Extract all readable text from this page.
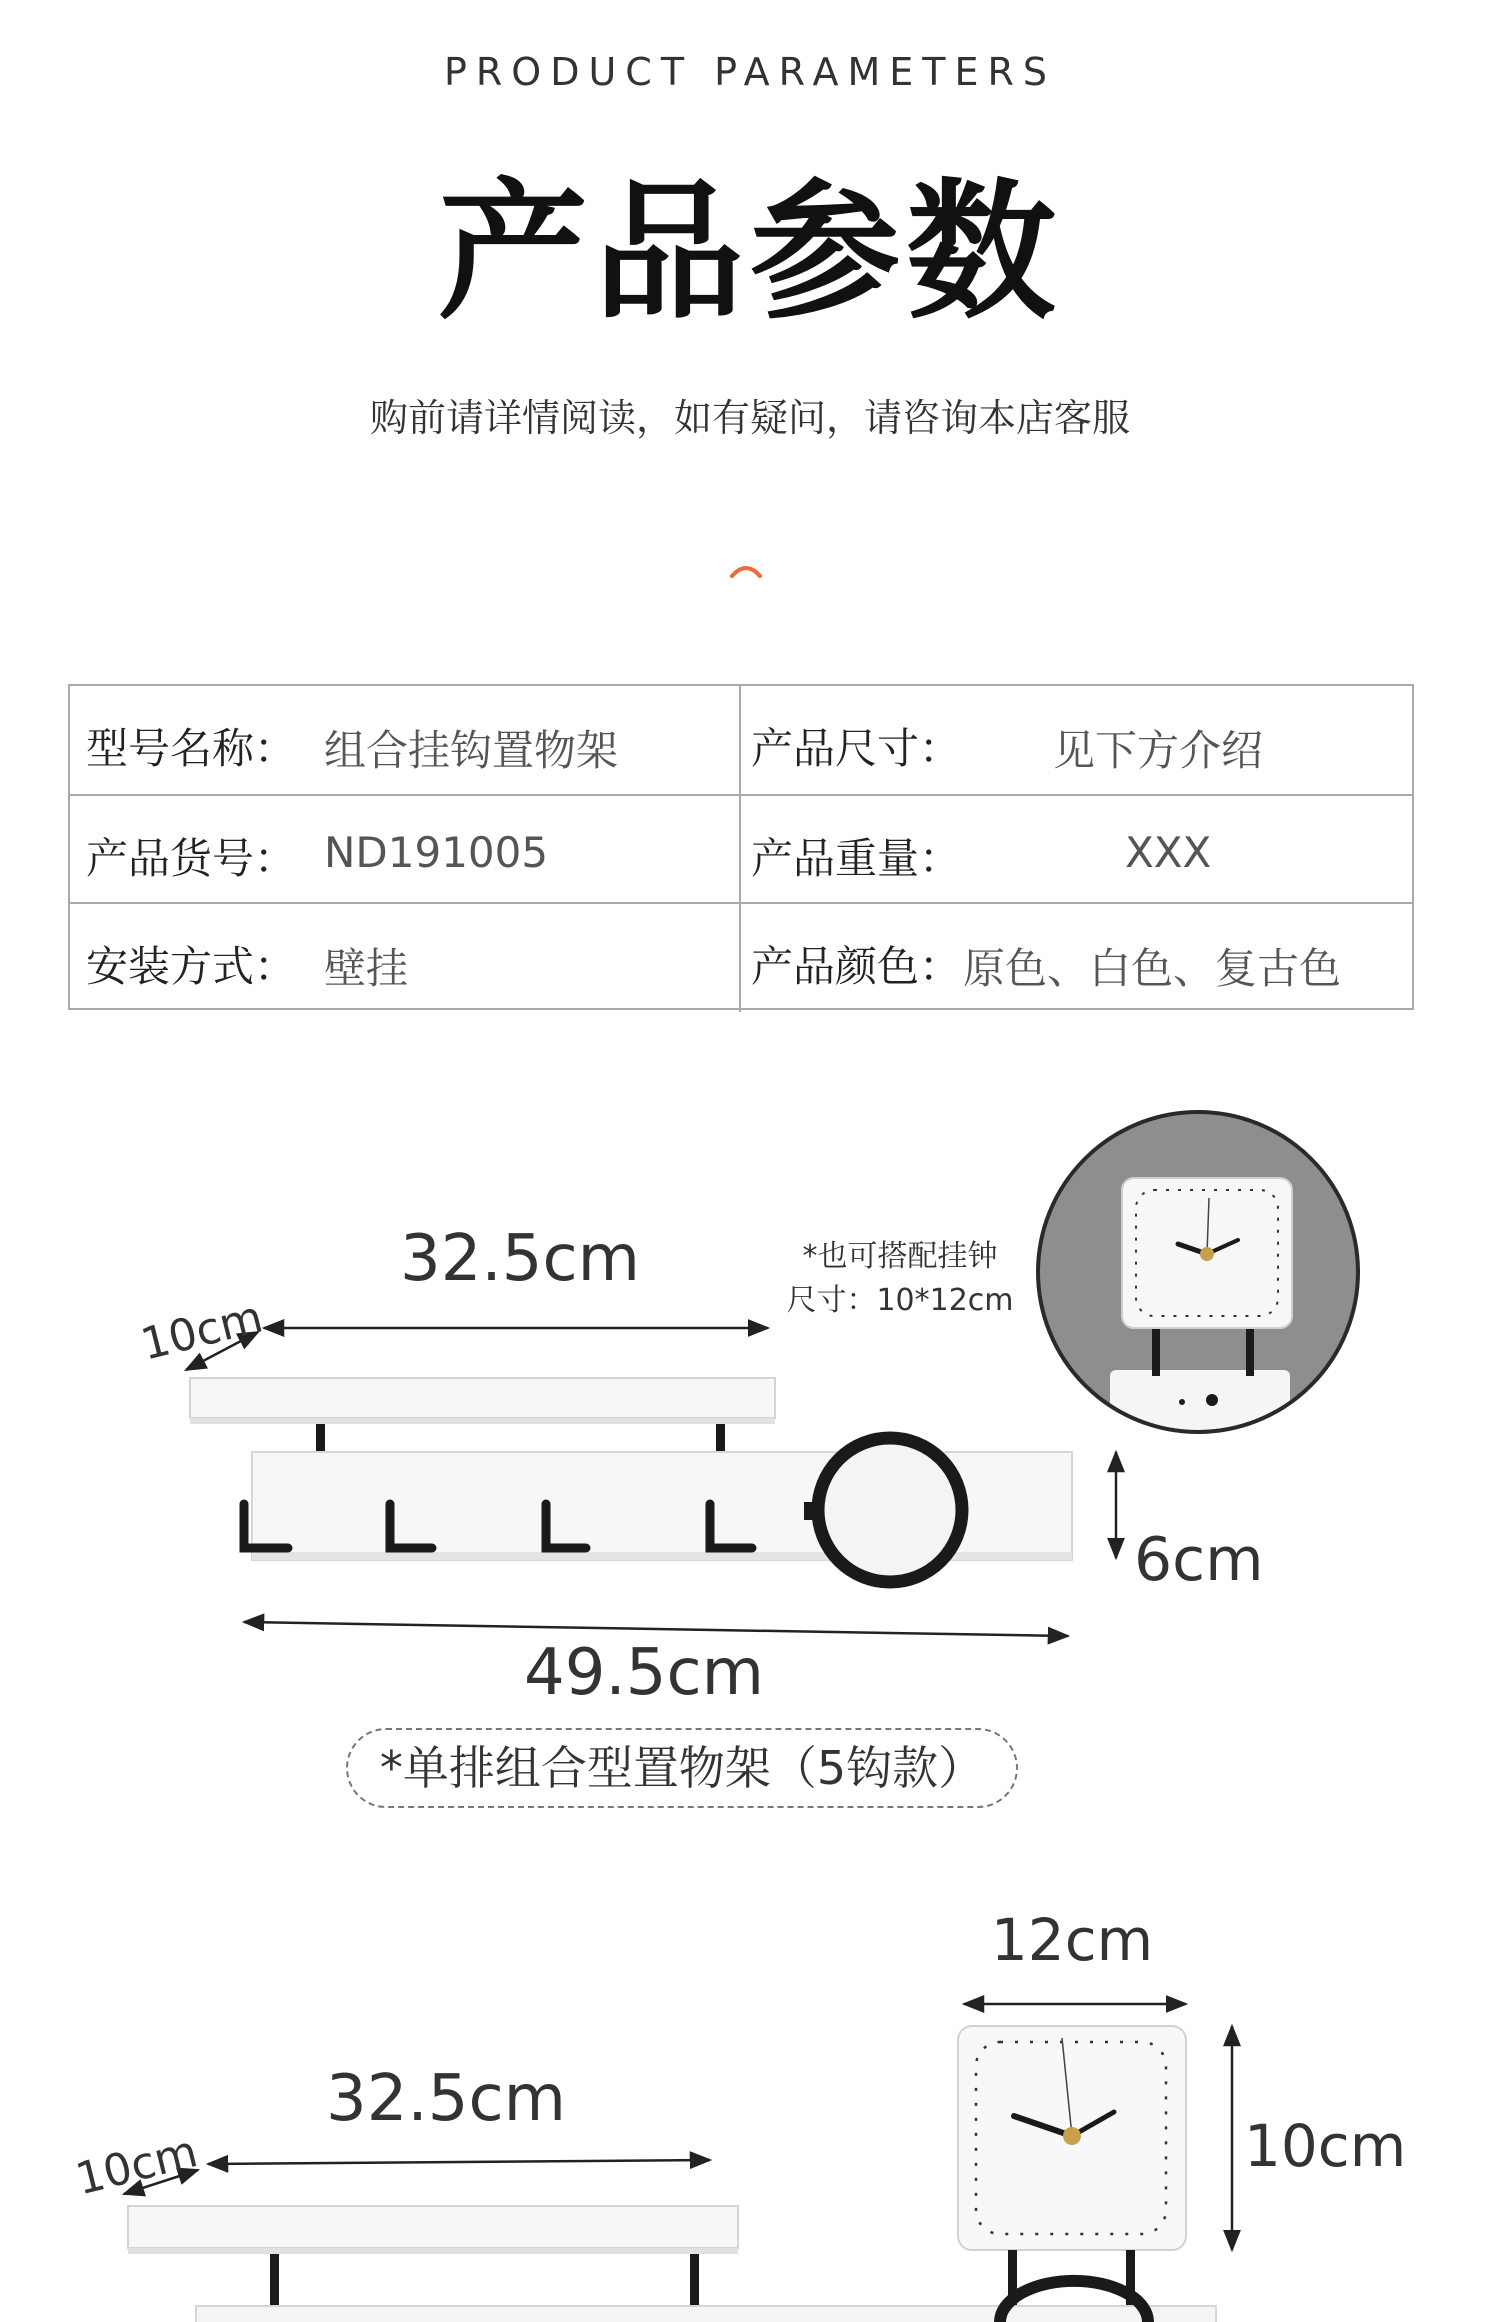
PRODUCT PARAMETERS
产品参数
购前请详情阅读，如有疑问，请咨询本店客服
型号名称： 组合挂钩置物架	产品尺寸： 见下方介绍
产品货号： ND191005	产品重量：	XXX
安装方式： 壁挂	产品颜色： 原色、白色、复古色
10cm
32.5cm
6cm
49.5cm
*也可搭配挂钟
尺寸：10*12cm
*单排组合型置物架（5钩款）
12cm
10cm
10cm
32.5cm
